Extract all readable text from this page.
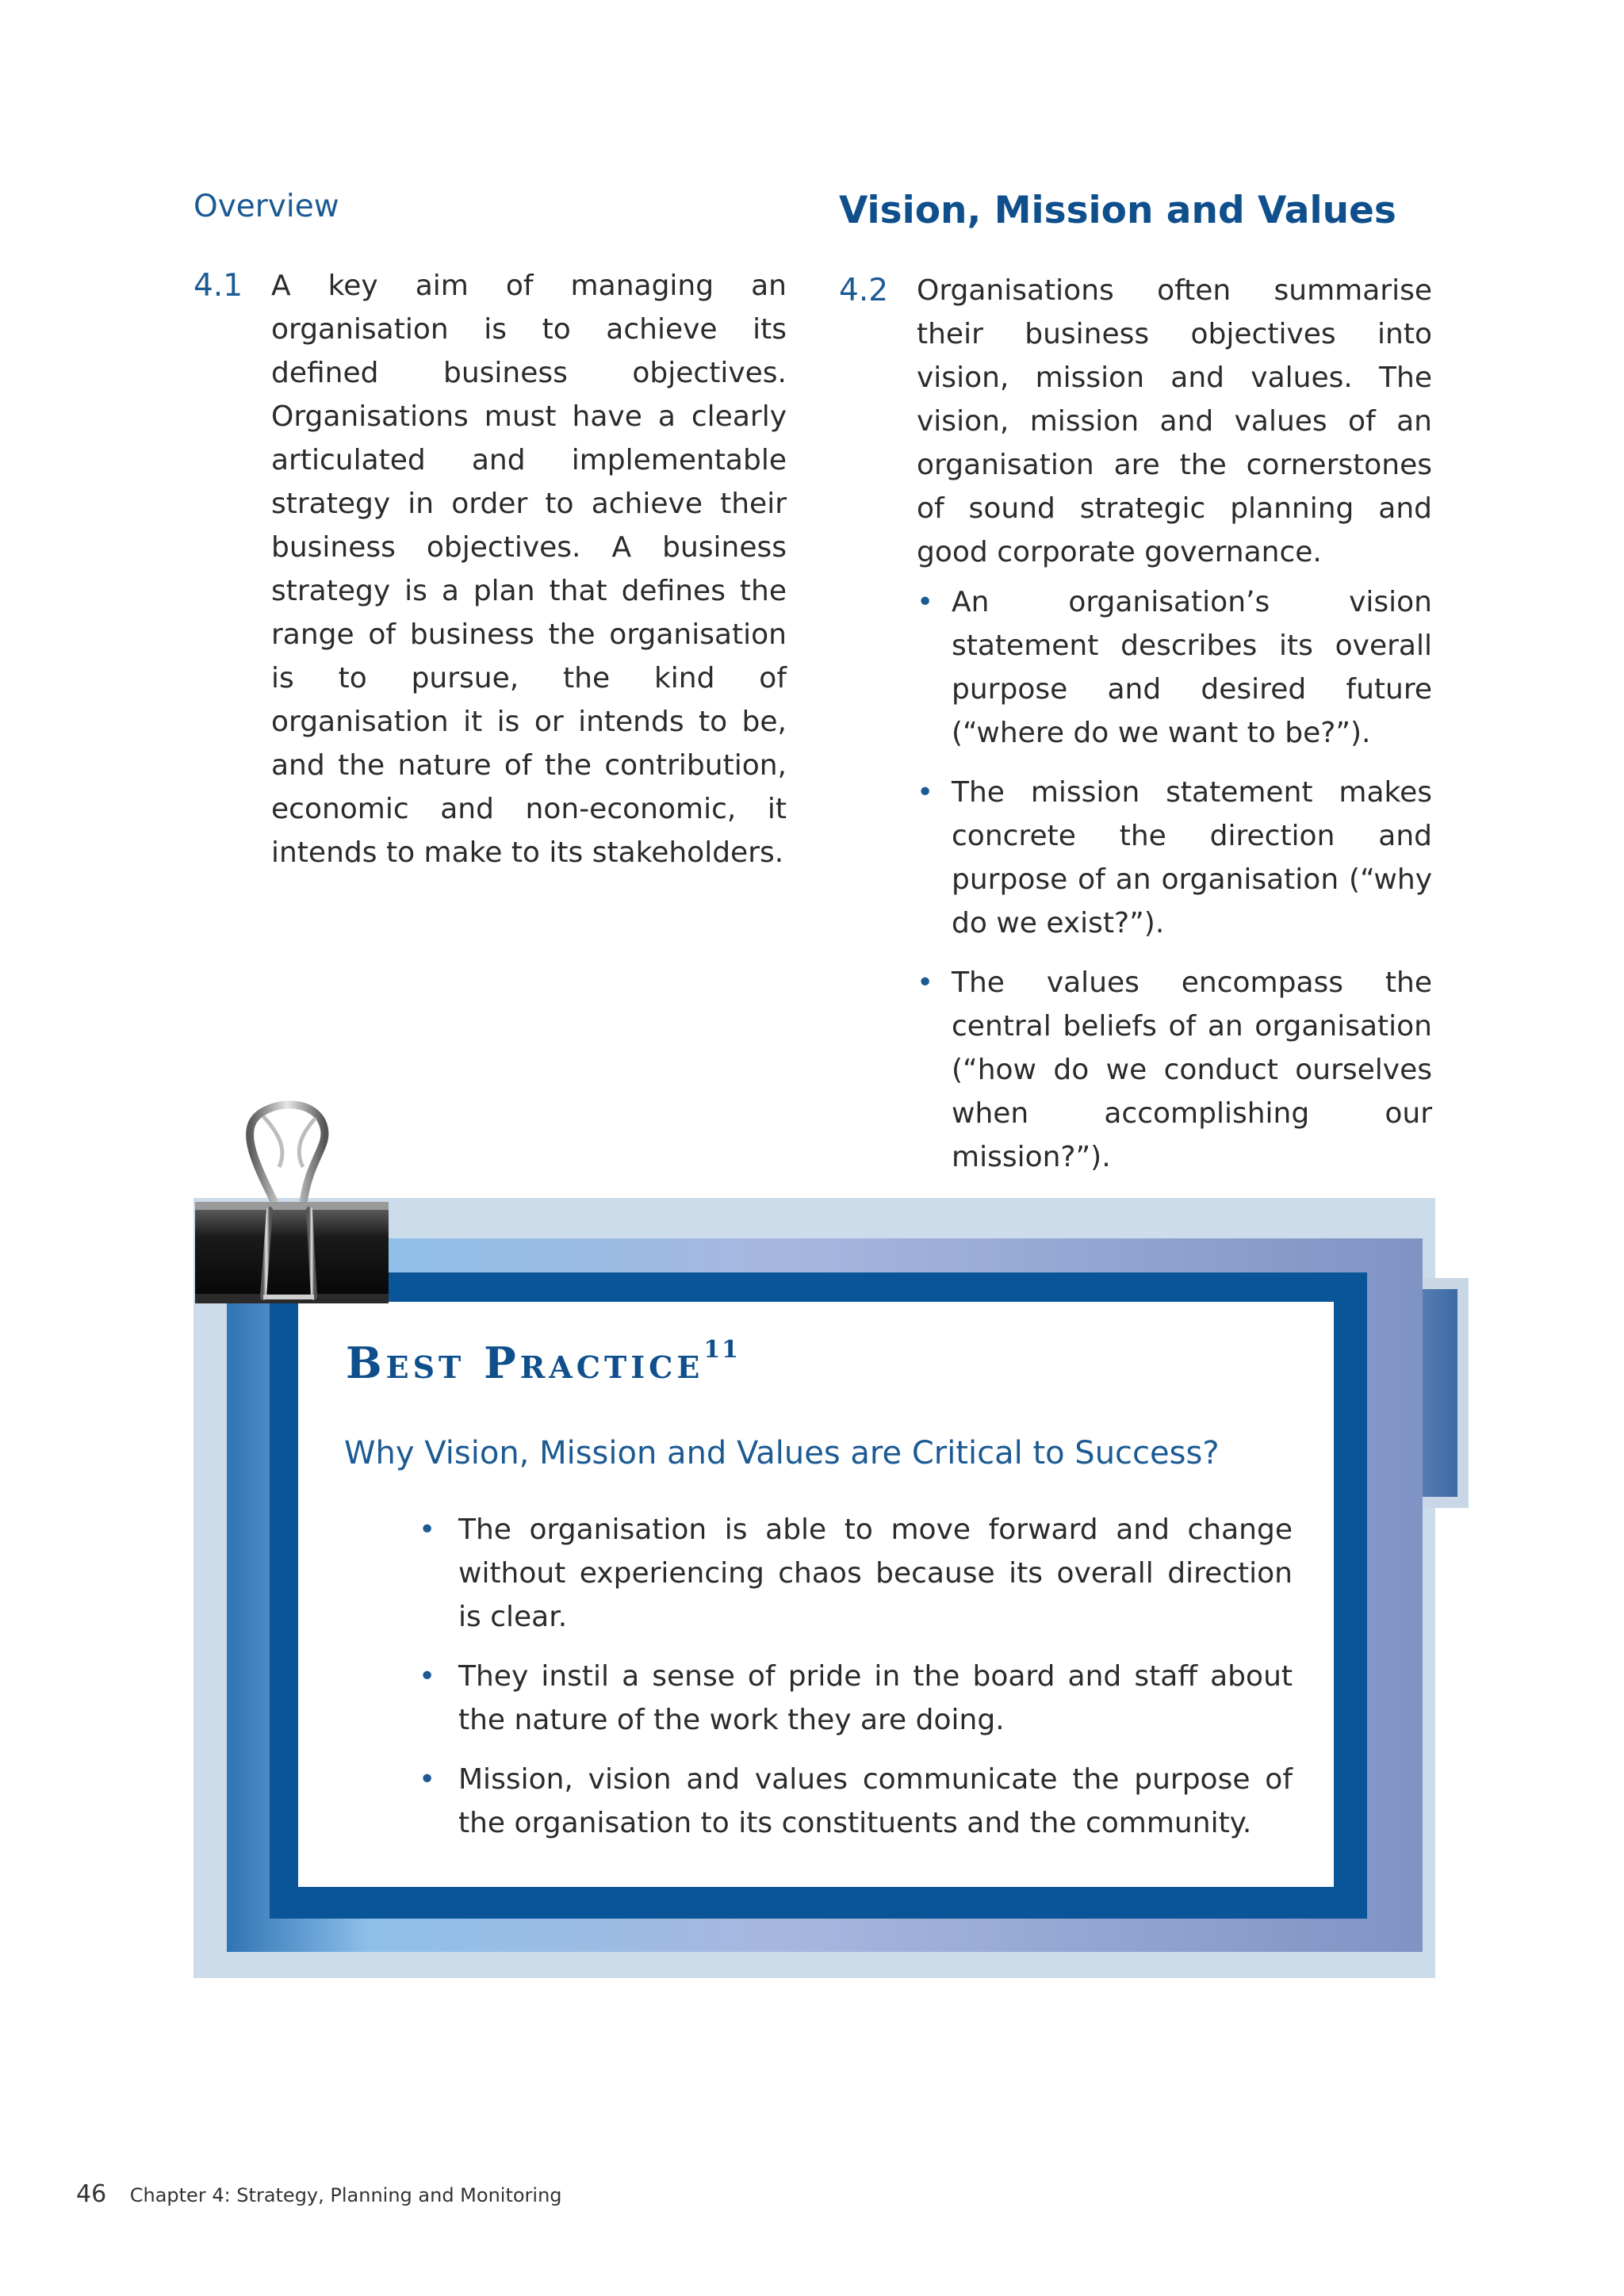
Overview
4.1 A key aim of managing an organisation is to achieve its defined business objectives. Organisations must have a clearly articulated and implementable strategy in order to achieve their business objectives. A business strategy is a plan that defines the range of business the organisation is to pursue, the kind of organisation it is or intends to be, and the nature of the contribution, economic and non-economic, it intends to make to its stakeholders.
Vision, Mission and Values
4.2 Organisations often summarise their business objectives into vision, mission and values. The vision, mission and values of an organisation are the cornerstones of sound strategic planning and good corporate governance.
• An organisation’s vision statement describes its overall purpose and desired future (“where do we want to be?”).
• The mission statement makes concrete the direction and purpose of an organisation (“why do we exist?”).
• The values encompass the central beliefs of an organisation (“how do we conduct ourselves when accomplishing our mission?”).
Best Practice$^{11}$
Why Vision, Mission and Values are Critical to Success?
• The organisation is able to move forward and change without experiencing chaos because its overall direction is clear.
• They instil a sense of pride in the board and staff about the nature of the work they are doing.
• Mission, vision and values communicate the purpose of the organisation to its constituents and the community.
46 Chapter 4: Strategy, Planning and Monitoring
